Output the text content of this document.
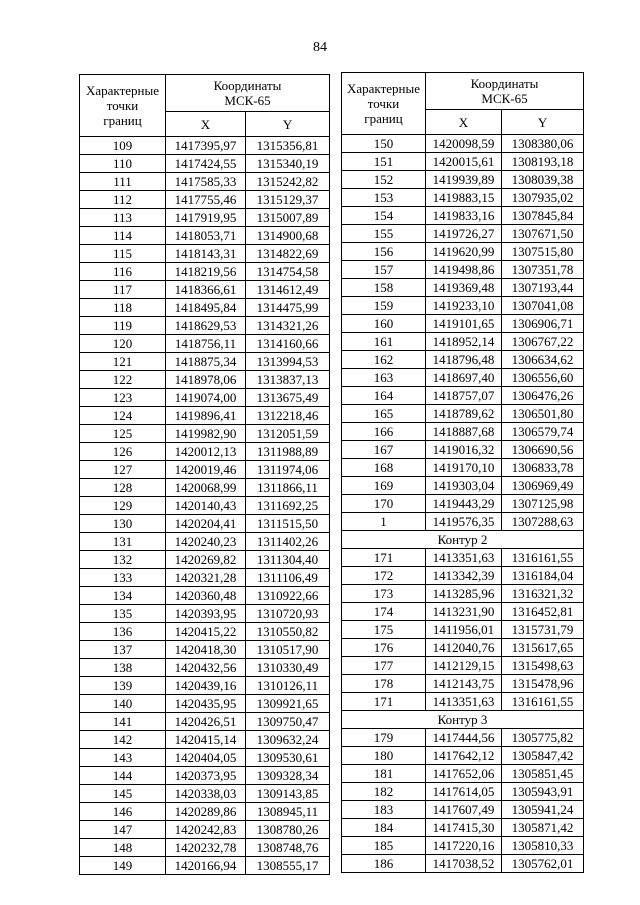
84
Характерные
точки
границ	Координаты
МСК-65	
	X	Y
109	1417395,97	1315356,81
110	1417424,55	1315340,19
111	1417585,33	1315242,82
112	1417755,46	1315129,37
113	1417919,95	1315007,89
114	1418053,71	1314900,68
115	1418143,31	1314822,69
116	1418219,56	1314754,58
117	1418366,61	1314612,49
118	1418495,84	1314475,99
119	1418629,53	1314321,26
120	1418756,11	1314160,66
121	1418875,34	1313994,53
122	1418978,06	1313837,13
123	1419074,00	1313675,49
124	1419896,41	1312218,46
125	1419982,90	1312051,59
126	1420012,13	1311988,89
127	1420019,46	1311974,06
128	1420068,99	1311866,11
129	1420140,43	1311692,25
130	1420204,41	1311515,50
131	1420240,23	1311402,26
132	1420269,82	1311304,40
133	1420321,28	1311106,49
134	1420360,48	1310922,66
135	1420393,95	1310720,93
136	1420415,22	1310550,82
137	1420418,30	1310517,90
138	1420432,56	1310330,49
139	1420439,16	1310126,11
140	1420435,95	1309921,65
141	1420426,51	1309750,47
142	1420415,14	1309632,24
143	1420404,05	1309530,61
144	1420373,95	1309328,34
145	1420338,03	1309143,85
146	1420289,86	1308945,11
147	1420242,83	1308780,26
148	1420232,78	1308748,76
149	1420166,94	1308555,17
Характерные
точки
границ	Координаты
МСК-65	
	X	Y
150	1420098,59	1308380,06
151	1420015,61	1308193,18
152	1419939,89	1308039,38
153	1419883,15	1307935,02
154	1419833,16	1307845,84
155	1419726,27	1307671,50
156	1419620,99	1307515,80
157	1419498,86	1307351,78
158	1419369,48	1307193,44
159	1419233,10	1307041,08
160	1419101,65	1306906,71
161	1418952,14	1306767,22
162	1418796,48	1306634,62
163	1418697,40	1306556,60
164	1418757,07	1306476,26
165	1418789,62	1306501,80
166	1418887,68	1306579,74
167	1419016,32	1306690,56
168	1419170,10	1306833,78
169	1419303,04	1306969,49
170	1419443,29	1307125,98
1	1419576,35	1307288,63
Контур 2		
171	1413351,63	1316161,55
172	1413342,39	1316184,04
173	1413285,96	1316321,32
174	1413231,90	1316452,81
175	1411956,01	1315731,79
176	1412040,76	1315617,65
177	1412129,15	1315498,63
178	1412143,75	1315478,96
171	1413351,63	1316161,55
Контур 3		
179	1417444,56	1305775,82
180	1417642,12	1305847,42
181	1417652,06	1305851,45
182	1417614,05	1305943,91
183	1417607,49	1305941,24
184	1417415,30	1305871,42
185	1417220,16	1305810,33
186	1417038,52	1305762,01
